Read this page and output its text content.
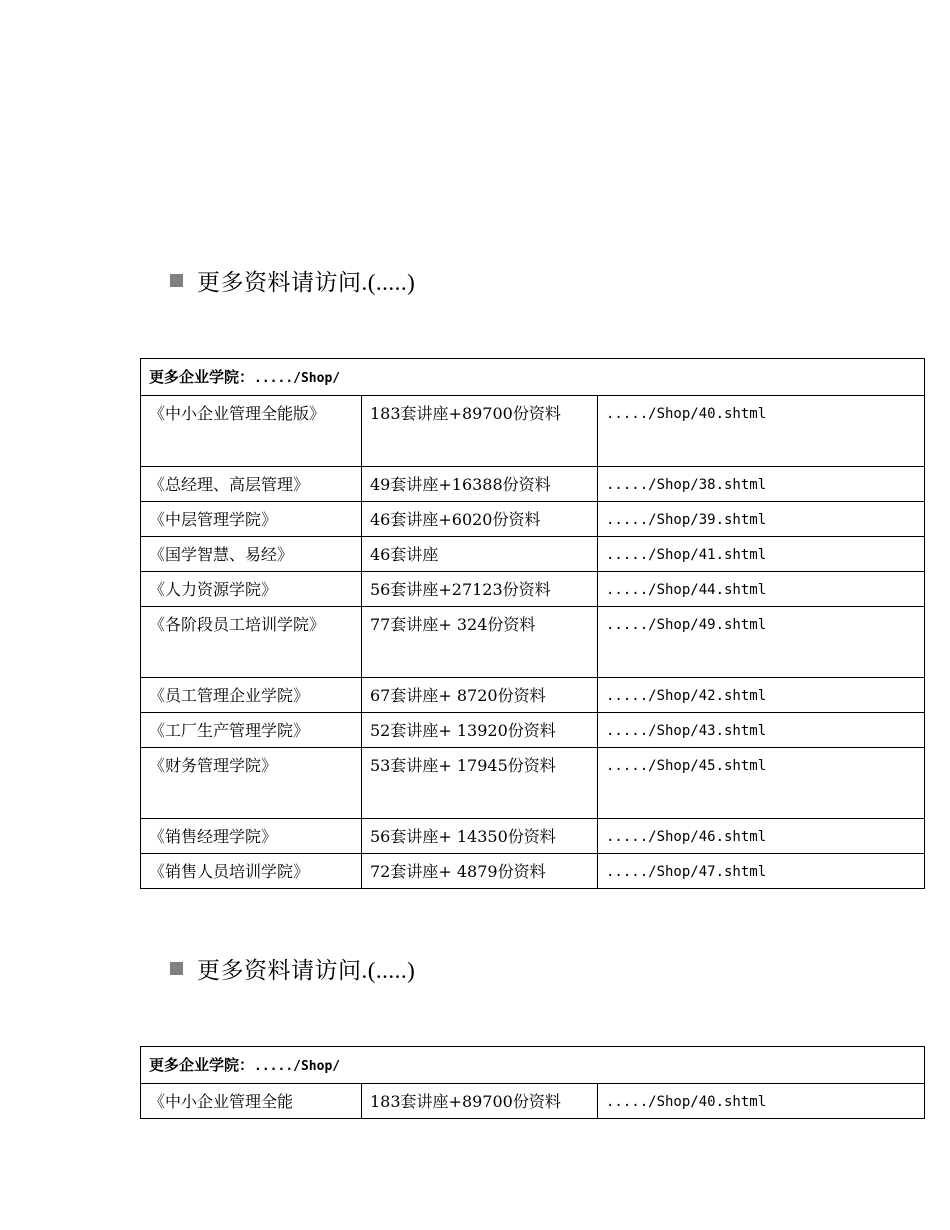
更多资料请访问.(.....)
更多企业学院：...../Shop/		
《中小企业管理全能版》	183套讲座+89700份资料	...../Shop/40.shtml
《总经理、高层管理》	49套讲座+16388份资料	...../Shop/38.shtml
《中层管理学院》	46套讲座+6020份资料	...../Shop/39.shtml
《国学智慧、易经》	46套讲座	...../Shop/41.shtml
《人力资源学院》	56套讲座+27123份资料	...../Shop/44.shtml
《各阶段员工培训学院》	77套讲座+ 324份资料	...../Shop/49.shtml
《员工管理企业学院》	67套讲座+ 8720份资料	...../Shop/42.shtml
《工厂生产管理学院》	52套讲座+ 13920份资料	...../Shop/43.shtml
《财务管理学院》	53套讲座+ 17945份资料	...../Shop/45.shtml
《销售经理学院》	56套讲座+ 14350份资料	...../Shop/46.shtml
《销售人员培训学院》	72套讲座+ 4879份资料	...../Shop/47.shtml
更多资料请访问.(.....)
更多企业学院：...../Shop/
《中小企业管理全能	183套讲座+89700份资料	...../Shop/40.shtml
